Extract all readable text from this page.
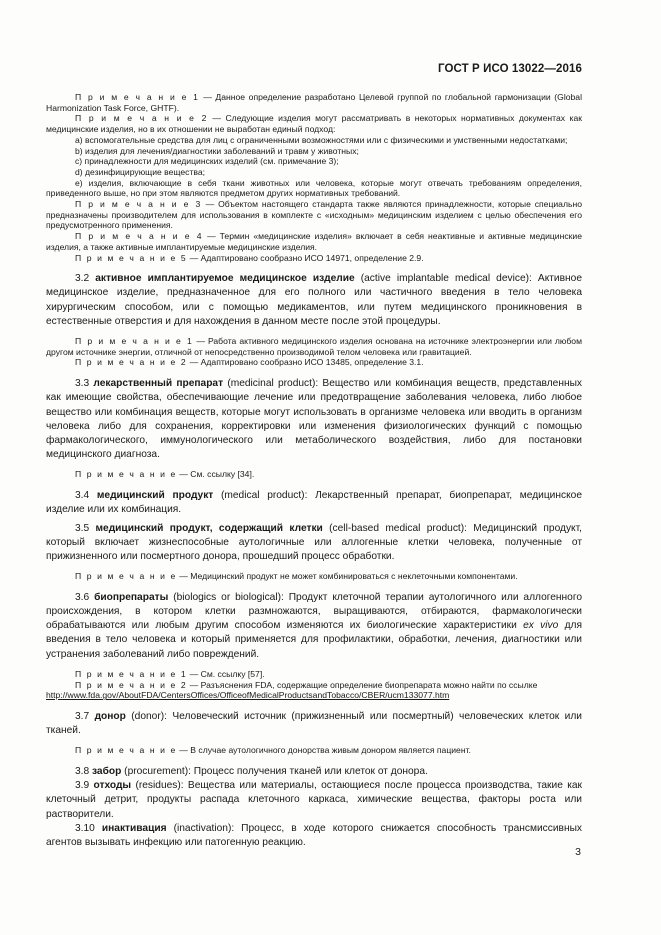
ГОСТ Р ИСО 13022—2016

П р и м е ч а н и е 1 — Данное определение разработано Целевой группой по глобальной гармонизации (Global Harmonization Task Force, GHTF).

П р и м е ч а н и е 2 — Следующие изделия могут рассматривать в некоторых нормативных документах как медицинские изделия, но в их отношении не выработан единый подход:

a) вспомогательные средства для лиц с ограниченными возможностями или с физическими и умственными недостатками;

b) изделия для лечения/диагностики заболеваний и травм у животных;

c) принадлежности для медицинских изделий (см. примечание 3);

d) дезинфицирующие вещества;

e) изделия, включающие в себя ткани животных или человека, которые могут отвечать требованиям определения, приведенного выше, но при этом являются предметом других нормативных требований.

П р и м е ч а н и е 3 — Объектом настоящего стандарта также являются принадлежности, которые специально предназначены производителем для использования в комплекте с «исходным» медицинским изделием с целью обеспечения его предусмотренного применения.

П р и м е ч а н и е 4 — Термин «медицинские изделия» включает в себя неактивные и активные медицинские изделия, а также активные имплантируемые медицинские изделия.

П р и м е ч а н и е 5 — Адаптировано сообразно ИСО 14971, определение 2.9.

3.2 активное имплантируемое медицинское изделие (active implantable medical device): Активное медицинское изделие, предназначенное для его полного или частичного введения в тело человека хирургическим способом, или с помощью медикаментов, или путем медицинского проникновения в естественные отверстия и для нахождения в данном месте после этой процедуры.

П р и м е ч а н и е 1 — Работа активного медицинского изделия основана на источнике электроэнергии или любом другом источнике энергии, отличной от непосредственно производимой телом человека или гравитацией.

П р и м е ч а н и е 2 — Адаптировано сообразно ИСО 13485, определение 3.1.

3.3 лекарственный препарат (medicinal product): Вещество или комбинация веществ, представленных как имеющие свойства, обеспечивающие лечение или предотвращение заболевания человека, либо любое вещество или комбинация веществ, которые могут использовать в организме человека или вводить в организм человека либо для сохранения, корректировки или изменения физиологических функций с помощью фармакологического, иммунологического или метаболического воздействия, либо для постановки медицинского диагноза.

П р и м е ч а н и е — См. ссылку [34].

3.4 медицинский продукт (medical product): Лекарственный препарат, биопрепарат, медицинское изделие или их комбинация.

3.5 медицинский продукт, содержащий клетки (cell-based medical product): Медицинский продукт, который включает жизнеспособные аутологичные или аллогенные клетки человека, полученные от прижизненного или посмертного донора, прошедший процесс обработки.

П р и м е ч а н и е — Медицинский продукт не может комбинироваться с неклеточными компонентами.

3.6 биопрепараты (biologics or biological): Продукт клеточной терапии аутологичного или аллогенного происхождения, в котором клетки размножаются, выращиваются, отбираются, фармакологически обрабатываются или любым другим способом изменяются их биологические характеристики ex vivo для введения в тело человека и который применяется для профилактики, обработки, лечения, диагностики или устранения заболеваний либо повреждений.

П р и м е ч а н и е 1 — См. ссылку [57].

П р и м е ч а н и е 2 — Разъяснения FDA, содержащие определение биопрепарата можно найти по ссылке

http://www.fda.gov/AboutFDA/CentersOffices/OfficeofMedicalProductsandTobacco/CBER/ucm133077.htm

3.7 донор (donor): Человеческий источник (прижизненный или посмертный) человеческих клеток или тканей.

П р и м е ч а н и е — В случае аутологичного донорства живым донором является пациент.

3.8 забор (procurement): Процесс получения тканей или клеток от донора.

3.9 отходы (residues): Вещества или материалы, остающиеся после процесса производства, такие как клеточный детрит, продукты распада клеточного каркаса, химические вещества, факторы роста или растворители.

3.10 инактивация (inactivation): Процесс, в ходе которого снижается способность трансмиссивных агентов вызывать инфекцию или патогенную реакцию.

3
